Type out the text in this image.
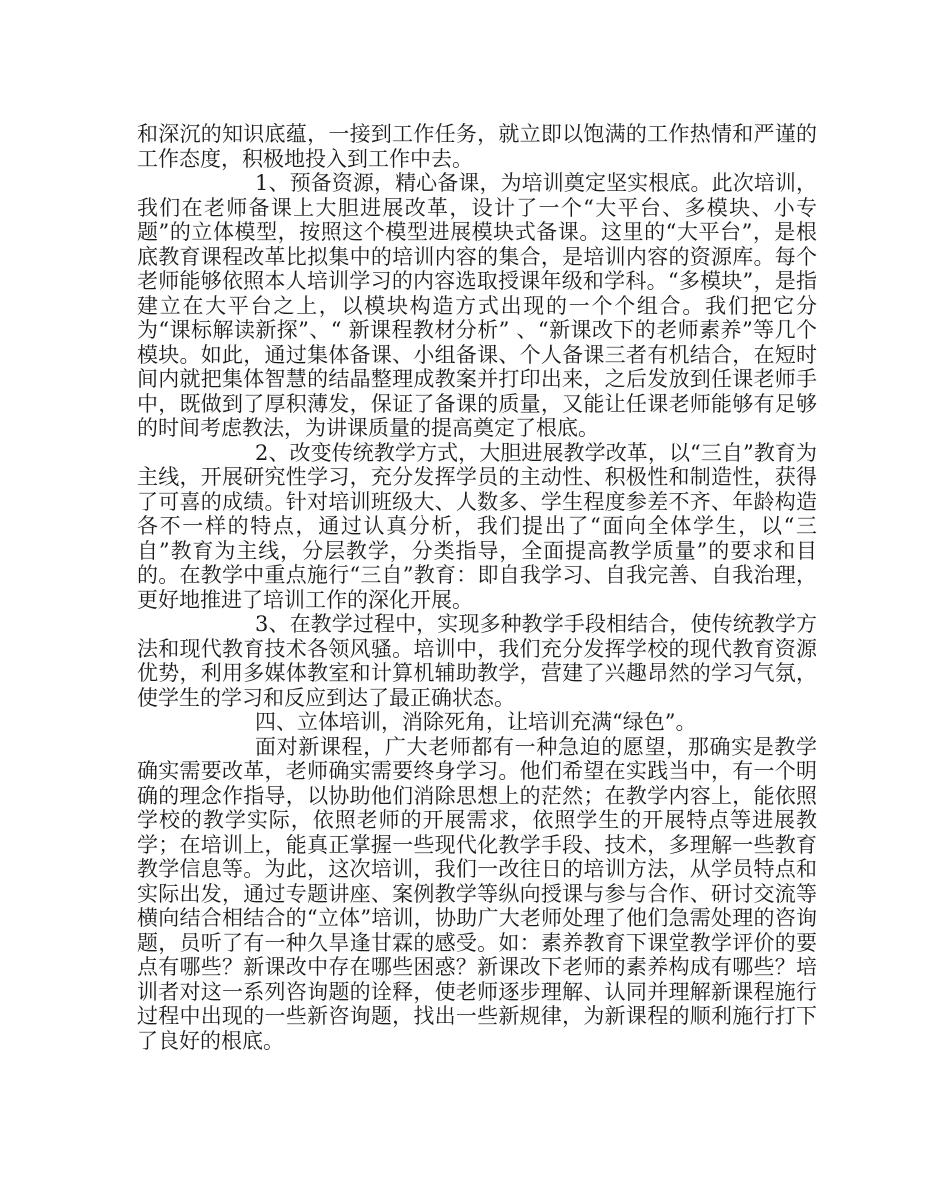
和深沉的知识底蕴，一接到工作任务，就立即以饱满的工作热情和严谨的工作态度，积极地投入到工作中去。

1、预备资源，精心备课，为培训奠定坚实根底。此次培训，我们在老师备课上大胆进展改革，设计了一个“大平台、多模块、小专题”的立体模型，按照这个模型进展模块式备课。这里的“大平台”，是根底教育课程改革比拟集中的培训内容的集合，是培训内容的资源库。每个老师能够依照本人培训学习的内容选取授课年级和学科。“多模块”，是指建立在大平台之上，以模块构造方式出现的一个个组合。我们把它分为“课标解读新探”、“ 新课程教材分析” 、“新课改下的老师素养”等几个模块。如此，通过集体备课、小组备课、个人备课三者有机结合，在短时间内就把集体智慧的结晶整理成教案并打印出来，之后发放到任课老师手中，既做到了厚积薄发，保证了备课的质量，又能让任课老师能够有足够的时间考虑教法，为讲课质量的提高奠定了根底。

2、改变传统教学方式，大胆进展教学改革，以“三自”教育为主线，开展研究性学习，充分发挥学员的主动性、积极性和制造性，获得了可喜的成绩。针对培训班级大、人数多、学生程度参差不齐、年龄构造各不一样的特点，通过认真分析，我们提出了“面向全体学生，以“三自”教育为主线，分层教学，分类指导，全面提高教学质量”的要求和目的。在教学中重点施行“三自”教育：即自我学习、自我完善、自我治理，更好地推进了培训工作的深化开展。

3、在教学过程中，实现多种教学手段相结合，使传统教学方法和现代教育技术各领风骚。培训中，我们充分发挥学校的现代教育资源优势，利用多媒体教室和计算机辅助教学，营建了兴趣昂然的学习气氛，使学生的学习和反应到达了最正确状态。

四、立体培训，消除死角，让培训充满“绿色”。

面对新课程，广大老师都有一种急迫的愿望，那确实是教学确实需要改革，老师确实需要终身学习。他们希望在实践当中，有一个明确的理念作指导，以协助他们消除思想上的茫然；在教学内容上，能依照学校的教学实际，依照老师的开展需求，依照学生的开展特点等进展教学；在培训上，能真正掌握一些现代化教学手段、技术，多理解一些教育教学信息等。为此，这次培训，我们一改往日的培训方法，从学员特点和实际出发，通过专题讲座、案例教学等纵向授课与参与合作、研讨交流等横向结合相结合的“立体”培训，协助广大老师处理了他们急需处理的咨询题，员听了有一种久旱逢甘霖的感受。如：素养教育下课堂教学评价的要点有哪些？新课改中存在哪些困惑？新课改下老师的素养构成有哪些？培训者对这一系列咨询题的诠释，使老师逐步理解、认同并理解新课程施行过程中出现的一些新咨询题，找出一些新规律，为新课程的顺利施行打下了良好的根底。
